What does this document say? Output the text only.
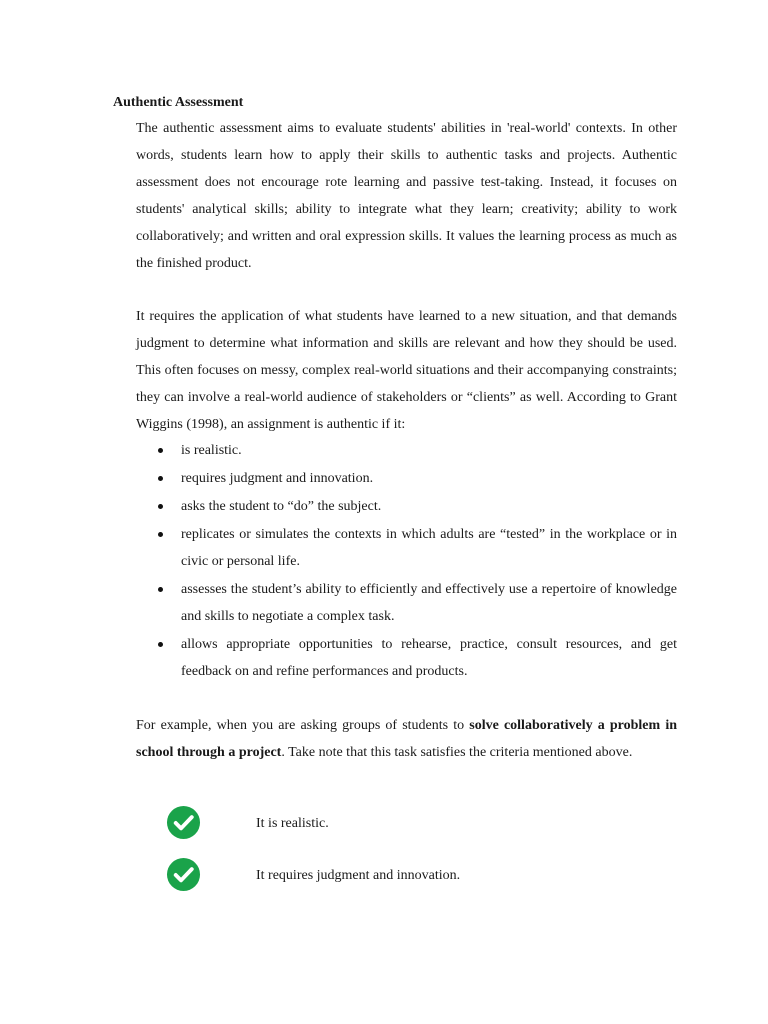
Authentic Assessment

The authentic assessment aims to evaluate students' abilities in 'real-world' contexts. In other words, students learn how to apply their skills to authentic tasks and projects. Authentic assessment does not encourage rote learning and passive test-taking. Instead, it focuses on students' analytical skills; ability to integrate what they learn; creativity; ability to work collaboratively; and written and oral expression skills. It values the learning process as much as the finished product.

It requires the application of what students have learned to a new situation, and that demands judgment to determine what information and skills are relevant and how they should be used. This often focuses on messy, complex real-world situations and their accompanying constraints; they can involve a real-world audience of stakeholders or “clients” as well. According to Grant Wiggins (1998), an assignment is authentic if it:

is realistic.
requires judgment and innovation.
asks the student to “do” the subject.
replicates or simulates the contexts in which adults are “tested” in the workplace or in civic or personal life.
assesses the student’s ability to efficiently and effectively use a repertoire of knowledge and skills to negotiate a complex task.
allows appropriate opportunities to rehearse, practice, consult resources, and get feedback on and refine performances and products.

For example, when you are asking groups of students to solve collaboratively a problem in school through a project. Take note that this task satisfies the criteria mentioned above.

It is realistic.
It requires judgment and innovation.
